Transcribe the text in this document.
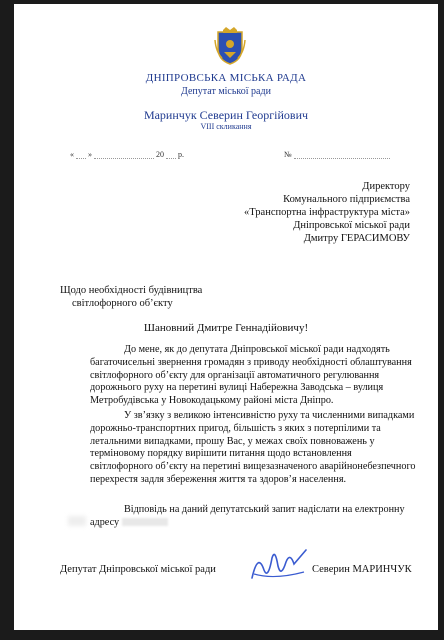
ДНІПРОВСЬКА МІСЬКА РАДА
Депутат міської ради
Маринчук Северин Георгійович
VIII скликання
« »	20 р.	№
Директору
Комунального підприємства
«Транспортна інфраструктура міста»
Дніпровської міської ради
Дмитру ГЕРАСИМОВУ
Щодо необхідності будівництва
світлофорного об’єкту
Шановний Дмитре Геннадійовичу!
До мене, як до депутата Дніпровської міської ради надходять багаточисельні звернення громадян з приводу необхідності облаштування світлофорного об’єкту для організації автоматичного регулювання дорожнього руху на перетині вулиці Набережна Заводська – вулиця Метробудівська у Новокодацькому районі міста Дніпро.
У зв’язку з великою інтенсивністю руху та численними випадками дорожньо-транспортних пригод, більшість з яких з потерпілими та летальними випадками, прошу Вас, у межах своїх повноважень у терміновому порядку вирішити питання щодо встановлення світлофорного об’єкту на перетині вищезазначеного аварійнонебезпечного перехрестя задля збереження життя та здоров’я населення.
Відповідь на даний депутатський запит надіслати на електронну адресу
Депутат Дніпровської міської ради	Северин МАРИНЧУК
